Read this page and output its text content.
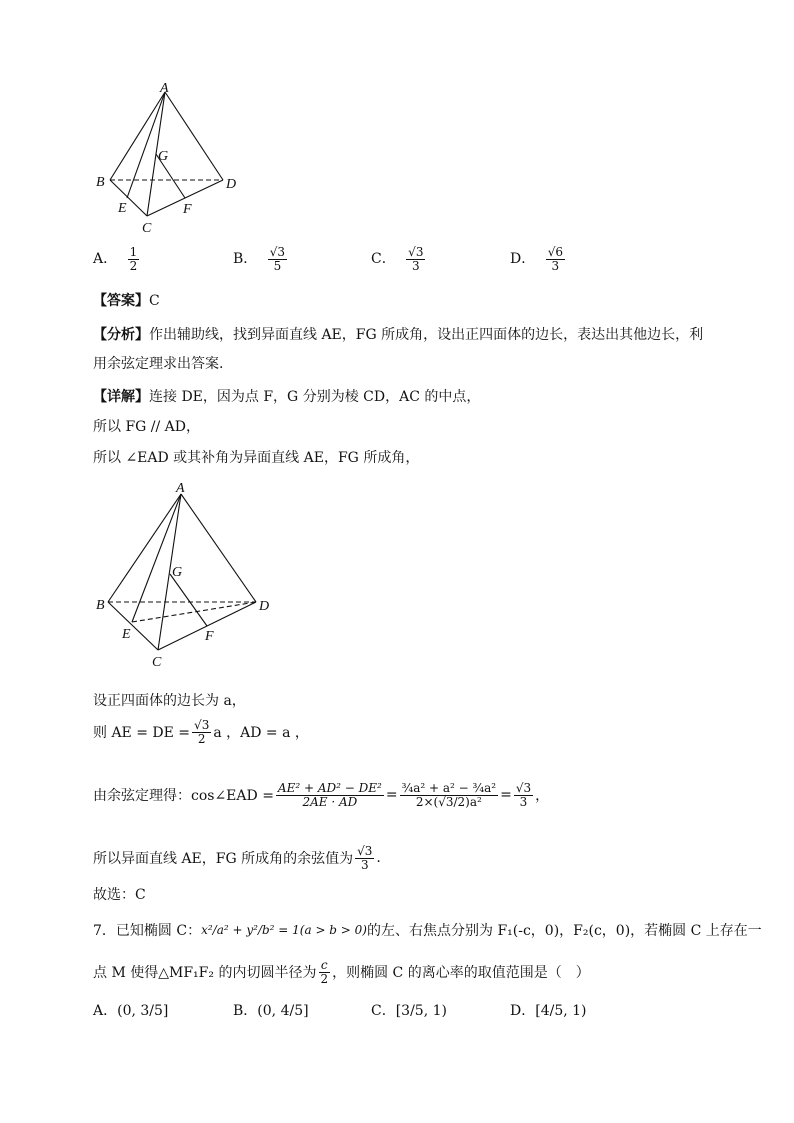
A
B
C
D
E	F
G
A． $\frac{1}{2}$	B． $\frac{√3}{5}$	C． $\frac{√3}{3}$	D． $\frac{√6}{3}$
【答案】C
【分析】作出辅助线，找到异面直线 AE，FG 所成角，设出正四面体的边长，表达出其他边长，利
用余弦定理求出答案.
【详解】连接 DE，因为点 F，G 分别为棱 CD，AC 的中点，
所以 FG // AD，
所以 ∠EAD 或其补角为异面直线 AE，FG 所成角，
A
B
C
D
E	F
G
设正四面体的边长为 a，
则 AE = DE = $\frac{√3}{2}$ a ，AD = a ，
由余弦定理得：cos∠EAD = $\frac{\text{AE² + AD² − DE²}}{2AE \cdot AD} = \frac{\text{¾a² + a² − ¾a²}}{\text{2×(√3/2)a²}} = \frac{√3}{3}$ ，
所以异面直线 AE，FG 所成角的余弦值为 $\frac{√3}{3}$ .
故选：C
7．已知椭圆 C： x²/a² + y²/b² = 1(a > b > 0) 的左、右焦点分别为 F₁(-c，0)，F₂(c，0)，若椭圆 C 上存在一
点 M 使得△MF₁F₂ 的内切圆半径为 $\frac{c}{2}$ ，则椭圆 C 的离心率的取值范围是（　）
A．(0, 3/5]	B．(0, 4/5]	C．[3/5, 1)	D．[4/5, 1)
